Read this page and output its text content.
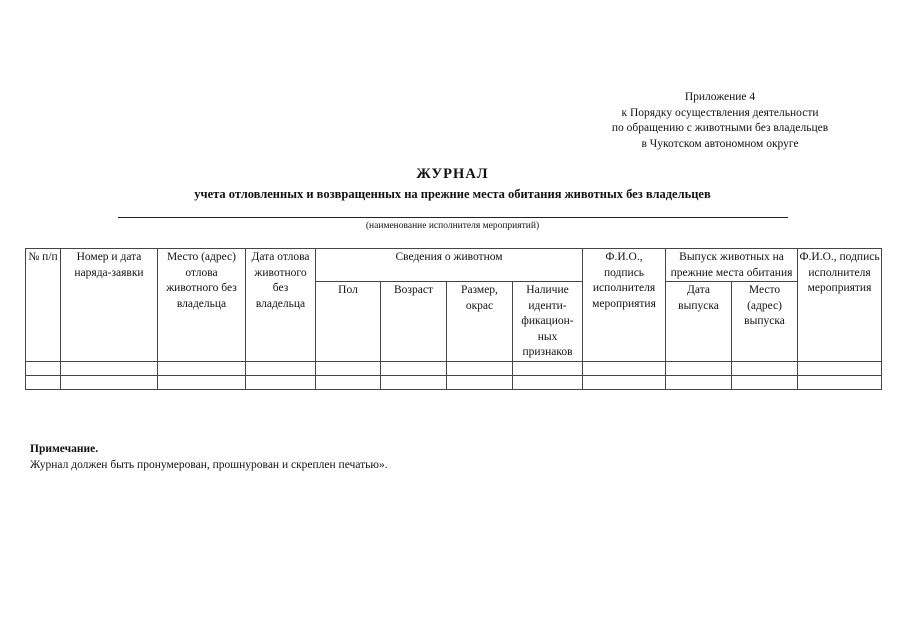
Приложение 4
к Порядку осуществления деятельности
по обращению с животными без владельцев
в Чукотском автономном округе
ЖУРНАЛ
учета отловленных и возвращенных на прежние места обитания животных без владельцев
(наименование исполнителя мероприятий)
№ п/п	Номер и дата наряда-заявки	Место (адрес) отлова животного без владельца	Дата отлова животного без владельца	Сведения о животном				Ф.И.О., подпись исполнителя мероприятия	Выпуск животных на прежние места обитания		Ф.И.О., подпись исполнителя мероприятия
				Пол	Возраст	Размер, окрас	Наличие иденти-фикацион-ных признаков		Дата выпуска	Место (адрес) выпуска	

Примечание.
Журнал должен быть пронумерован, прошнурован и скреплен печатью».
